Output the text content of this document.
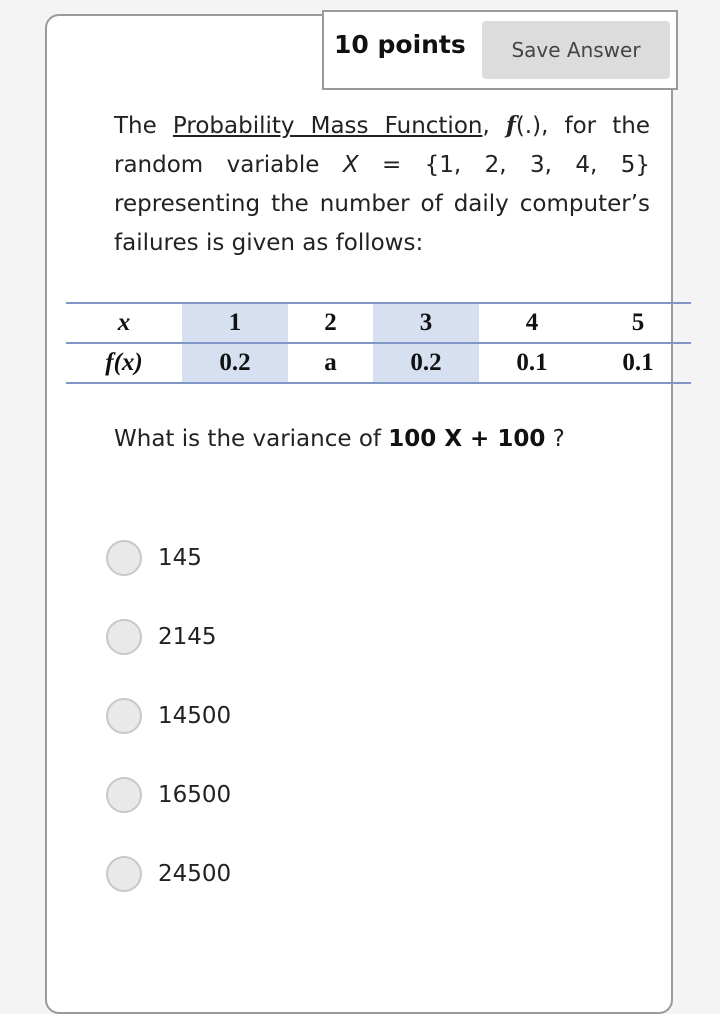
10 points	Save Answer
The Probability Mass Function, f(.), for the random variable X = {1, 2, 3, 4, 5} representing the number of daily computer’s failures is given as follows:
x	1	2	3	4	5
f(x)	0.2	a	0.2	0.1	0.1
What is the variance of 100 X + 100 ?
145
2145
14500
16500
24500
